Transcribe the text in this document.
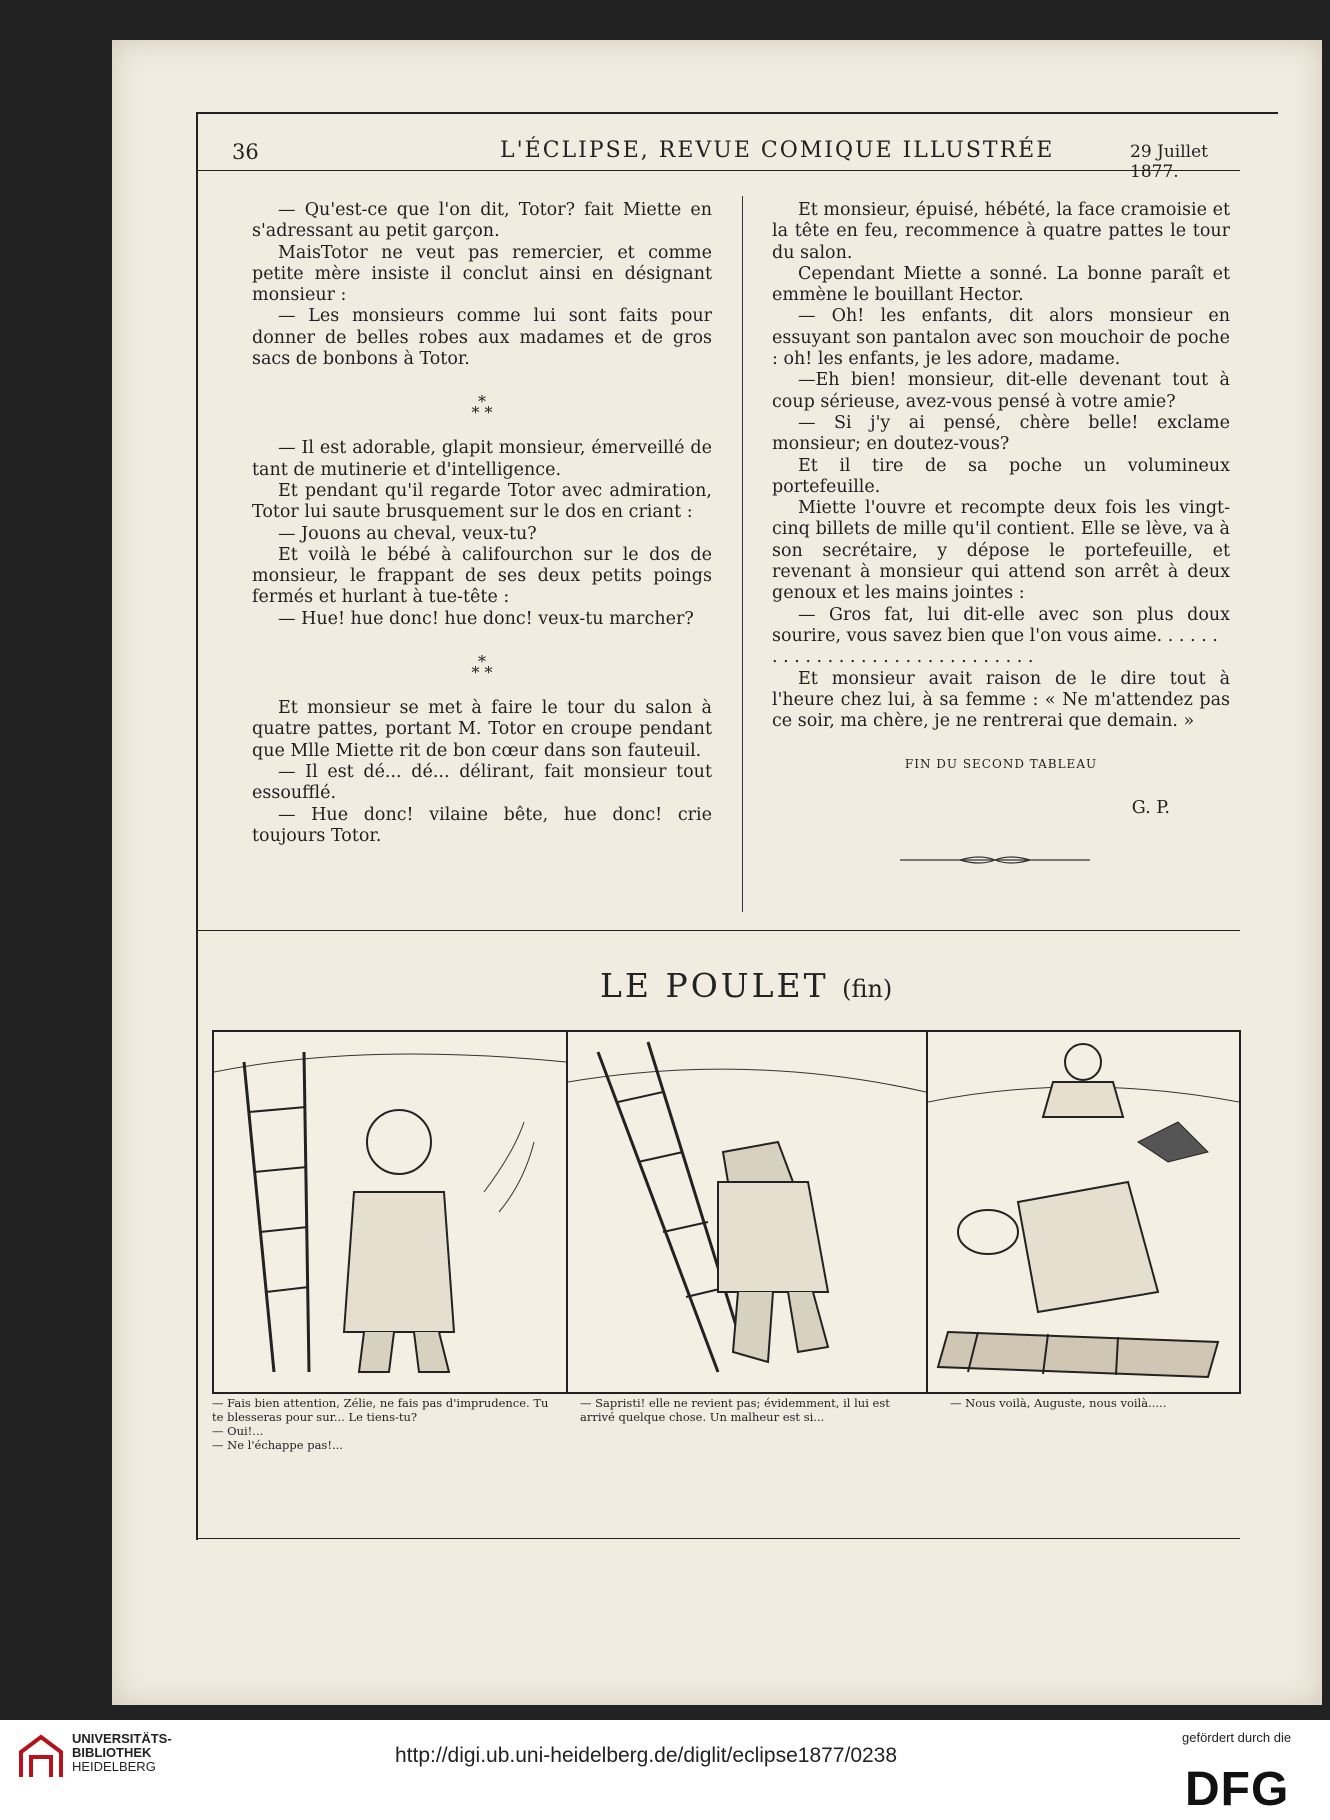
36	L'ÉCLIPSE, REVUE COMIQUE ILLUSTRÉE	29 Juillet 1877.

— Qu'est-ce que l'on dit, Totor? fait Miette en s'adressant au petit garçon.

MaisTotor ne veut pas remercier, et comme petite mère insiste il conclut ainsi en désignant monsieur :

— Les monsieurs comme lui sont faits pour donner de belles robes aux madames et de gros sacs de bonbons à Totor.

*
* *

— Il est adorable, glapit monsieur, émerveillé de tant de mutinerie et d'intelligence.

Et pendant qu'il regarde Totor avec admiration, Totor lui saute brusquement sur le dos en criant :

— Jouons au cheval, veux-tu?

Et voilà le bébé à califourchon sur le dos de monsieur, le frappant de ses deux petits poings fermés et hurlant à tue-tête :

— Hue! hue donc! hue donc! veux-tu marcher?

*
* *

Et monsieur se met à faire le tour du salon à quatre pattes, portant M. Totor en croupe pendant que Mlle Miette rit de bon cœur dans son fauteuil.

— Il est dé... dé... délirant, fait monsieur tout essoufflé.

— Hue donc! vilaine bête, hue donc! crie toujours Totor.

Et monsieur, épuisé, hébété, la face cramoisie et la tête en feu, recommence à quatre pattes le tour du salon.

Cependant Miette a sonné. La bonne paraît et emmène le bouillant Hector.

— Oh! les enfants, dit alors monsieur en essuyant son pantalon avec son mouchoir de poche : oh! les enfants, je les adore, madame.

—Eh bien! monsieur, dit-elle devenant tout à coup sérieuse, avez-vous pensé à votre amie?

— Si j'y ai pensé, chère belle! exclame monsieur; en doutez-vous?

Et il tire de sa poche un volumineux portefeuille.

Miette l'ouvre et recompte deux fois les vingt-cinq billets de mille qu'il contient. Elle se lève, va à son secrétaire, y dépose le portefeuille, et revenant à monsieur qui attend son arrêt à deux genoux et les mains jointes :

— Gros fat, lui dit-elle avec son plus doux sourire, vous savez bien que l'on vous aime. . . . . .

. . . . . . . . . . . . . . . . . . . . . . . .

Et monsieur avait raison de le dire tout à l'heure chez lui, à sa femme : « Ne m'attendez pas ce soir, ma chère, je ne rentrerai que demain. »

FIN DU SECOND TABLEAU

G. P.

LE POULET (fin)
— Fais bien attention, Zélie, ne fais pas d'imprudence. Tu te blesseras pour sur... Le tiens-tu?
— Oui!...
— Ne l'échappe pas!...
— Sapristi! elle ne revient pas; évidemment, il lui est arrivé quelque chose. Un malheur est si...
— Nous voilà, Auguste, nous voilà.....
UNIVERSITÄTS-
BIBLIOTHEK
HEIDELBERG	http://digi.ub.uni-heidelberg.de/diglit/eclipse1877/0238
gefördert durch die
DFG
